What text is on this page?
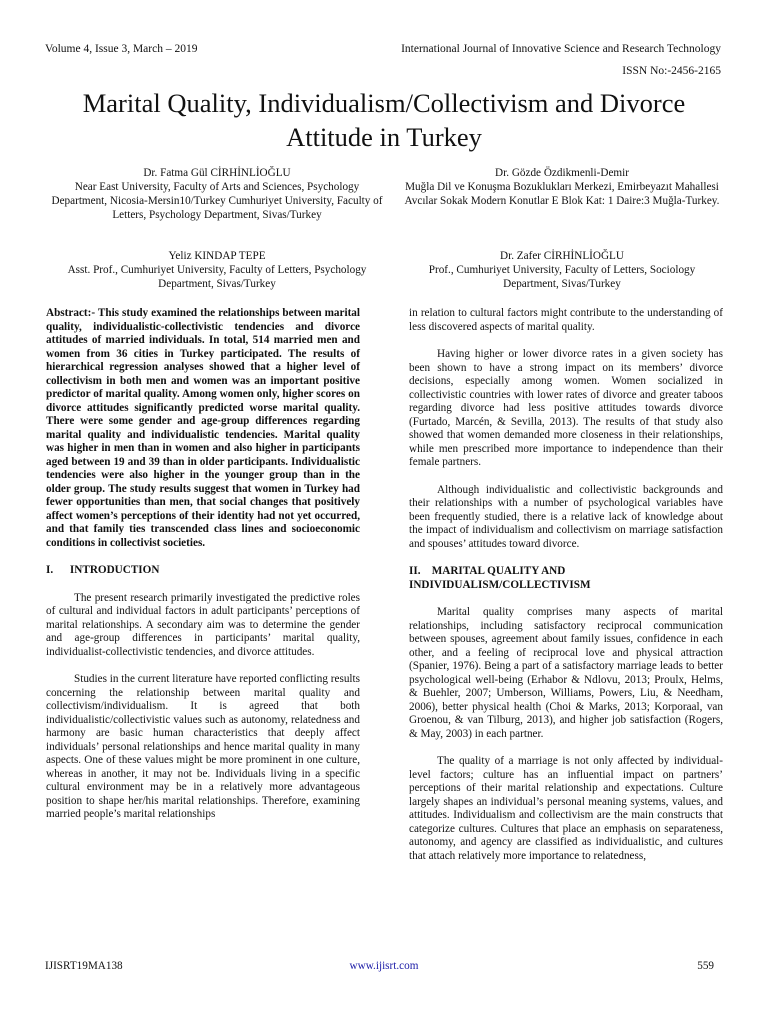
Volume 4, Issue 3, March – 2019	International Journal of Innovative Science and Research Technology
ISSN No:-2456-2165
Marital Quality, Individualism/Collectivism and Divorce Attitude in Turkey
Dr. Fatma Gül CİRHİNLİOĞLU
Near East University, Faculty of Arts and Sciences, Psychology Department, Nicosia-Mersin10/Turkey Cumhuriyet University, Faculty of Letters, Psychology Department, Sivas/Turkey
Dr. Gözde Özdikmenli-Demir
Muğla Dil ve Konuşma Bozuklukları Merkezi, Emirbeyazıt Mahallesi Avcılar Sokak Modern Konutlar E Blok Kat: 1 Daire:3 Muğla-Turkey.
Yeliz KINDAP TEPE
Asst. Prof., Cumhuriyet University, Faculty of Letters, Psychology Department, Sivas/Turkey
Dr. Zafer CİRHİNLİOĞLU
Prof., Cumhuriyet University, Faculty of Letters, Sociology Department, Sivas/Turkey

Abstract:- This study examined the relationships between marital quality, individualistic-collectivistic tendencies and divorce attitudes of married individuals. In total, 514 married men and women from 36 cities in Turkey participated. The results of hierarchical regression analyses showed that a higher level of collectivism in both men and women was an important positive predictor of marital quality. Among women only, higher scores on divorce attitudes significantly predicted worse marital quality. There were some gender and age-group differences regarding marital quality and individualistic tendencies. Marital quality was higher in men than in women and also higher in participants aged between 19 and 39 than in older participants. Individualistic tendencies were also higher in the younger group than in the older group. The study results suggest that women in Turkey had fewer opportunities than men, that social changes that positively affect women’s perceptions of their identity had not yet occurred, and that family ties transcended class lines and socioeconomic conditions in collectivist societies.

I.      INTRODUCTION

The present research primarily investigated the predictive roles of cultural and individual factors in adult participants’ perceptions of marital relationships. A secondary aim was to determine the gender and age-group differences in participants’ marital quality, individualist-collectivistic tendencies, and divorce attitudes.

Studies in the current literature have reported conflicting results concerning the relationship between marital quality and collectivism/individualism. It is agreed that both individualistic/collectivistic values such as autonomy, relatedness and harmony are basic human characteristics that deeply affect individuals’ personal relationships and hence marital quality in many aspects. One of these values might be more prominent in one culture, whereas in another, it may not be. Individuals living in a specific cultural environment may be in a relatively more advantageous position to shape her/his marital relationships. Therefore, examining married people’s marital relationships

in relation to cultural factors might contribute to the understanding of less discovered aspects of marital quality.

Having higher or lower divorce rates in a given society has been shown to have a strong impact on its members’ divorce decisions, especially among women. Women socialized in collectivistic countries with lower rates of divorce and greater taboos regarding divorce had less positive attitudes towards divorce (Furtado, Marcén, & Sevilla, 2013). The results of that study also showed that women demanded more closeness in their relationships, while men prescribed more importance to independence than their female partners.

Although individualistic and collectivistic backgrounds and their relationships with a number of psychological variables have been frequently studied, there is a relative lack of knowledge about the impact of individualism and collectivism on marriage satisfaction and spouses’ attitudes toward divorce.

II.    MARITAL QUALITY AND

INDIVIDUALISM/COLLECTIVISM

Marital quality comprises many aspects of marital relationships, including satisfactory reciprocal communication between spouses, agreement about family issues, confidence in each other, and a feeling of reciprocal love and physical attraction (Spanier, 1976). Being a part of a satisfactory marriage leads to better psychological well-being (Erhabor & Ndlovu, 2013; Proulx, Helms, & Buehler, 2007; Umberson, Williams, Powers, Liu, & Needham, 2006), better physical health (Choi & Marks, 2013; Korporaal, van Groenou, & van Tilburg, 2013), and higher job satisfaction (Rogers, & May, 2003) in each partner.

The quality of a marriage is not only affected by individual-level factors; culture has an influential impact on partners’ perceptions of their marital relationship and expectations. Culture largely shapes an individual’s personal meaning systems, values, and attitudes. Individualism and collectivism are the main constructs that categorize cultures. Cultures that place an emphasis on separateness, autonomy, and agency are classified as individualistic, and cultures that attach relatively more importance to relatedness,

IJISRT19MA138	www.ijisrt.com	559
